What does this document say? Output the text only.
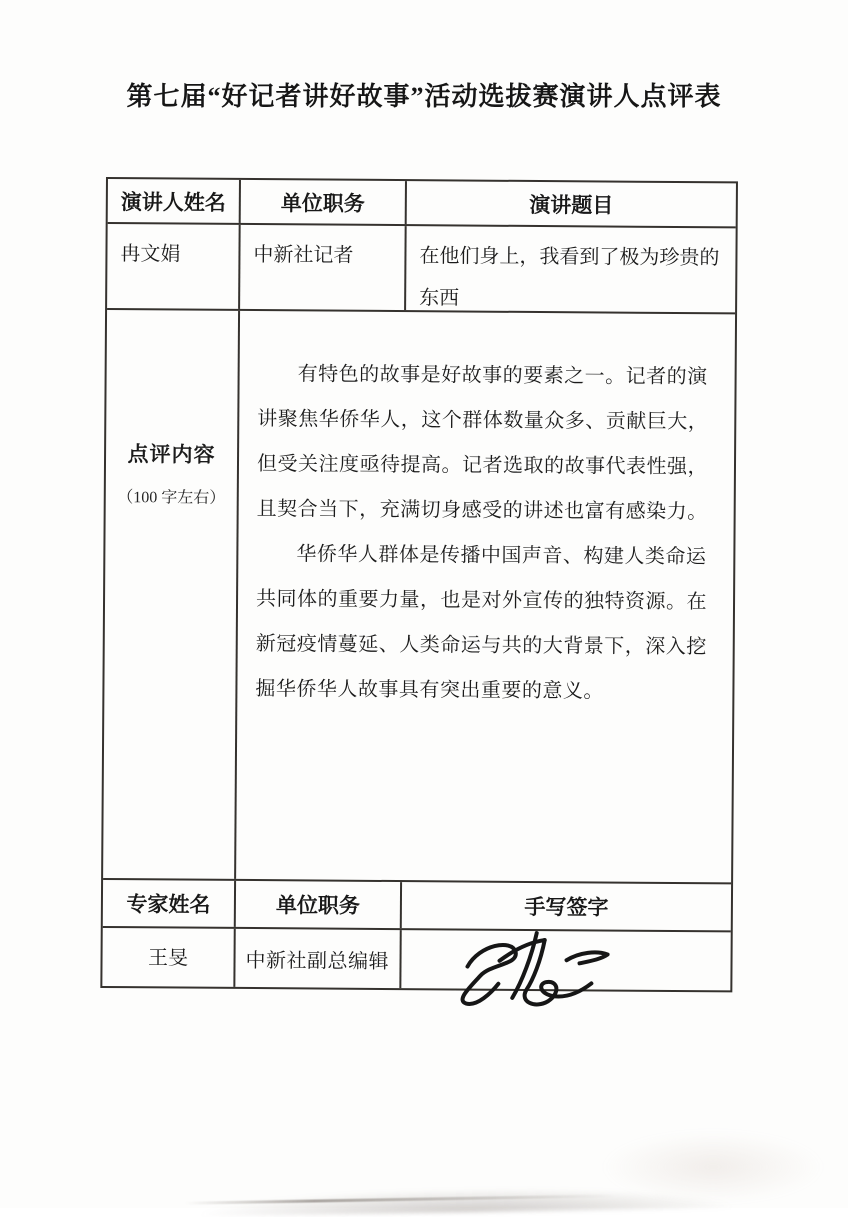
第七届“好记者讲好故事”活动选拔赛演讲人点评表
演讲人姓名	单位职务	演讲题目
冉文娟	中新社记者	在他们身上，我看到了极为珍贵的东西
点评内容
（100 字左右）

有特色的故事是好故事的要素之一。记者的演讲聚焦华侨华人，这个群体数量众多、贡献巨大，但受关注度亟待提高。记者选取的故事代表性强，且契合当下，充满切身感受的讲述也富有感染力。

华侨华人群体是传播中国声音、构建人类命运共同体的重要力量，也是对外宣传的独特资源。在新冠疫情蔓延、人类命运与共的大背景下，深入挖掘华侨华人故事具有突出重要的意义。

专家姓名	单位职务	手写签字
王旻	中新社副总编辑
